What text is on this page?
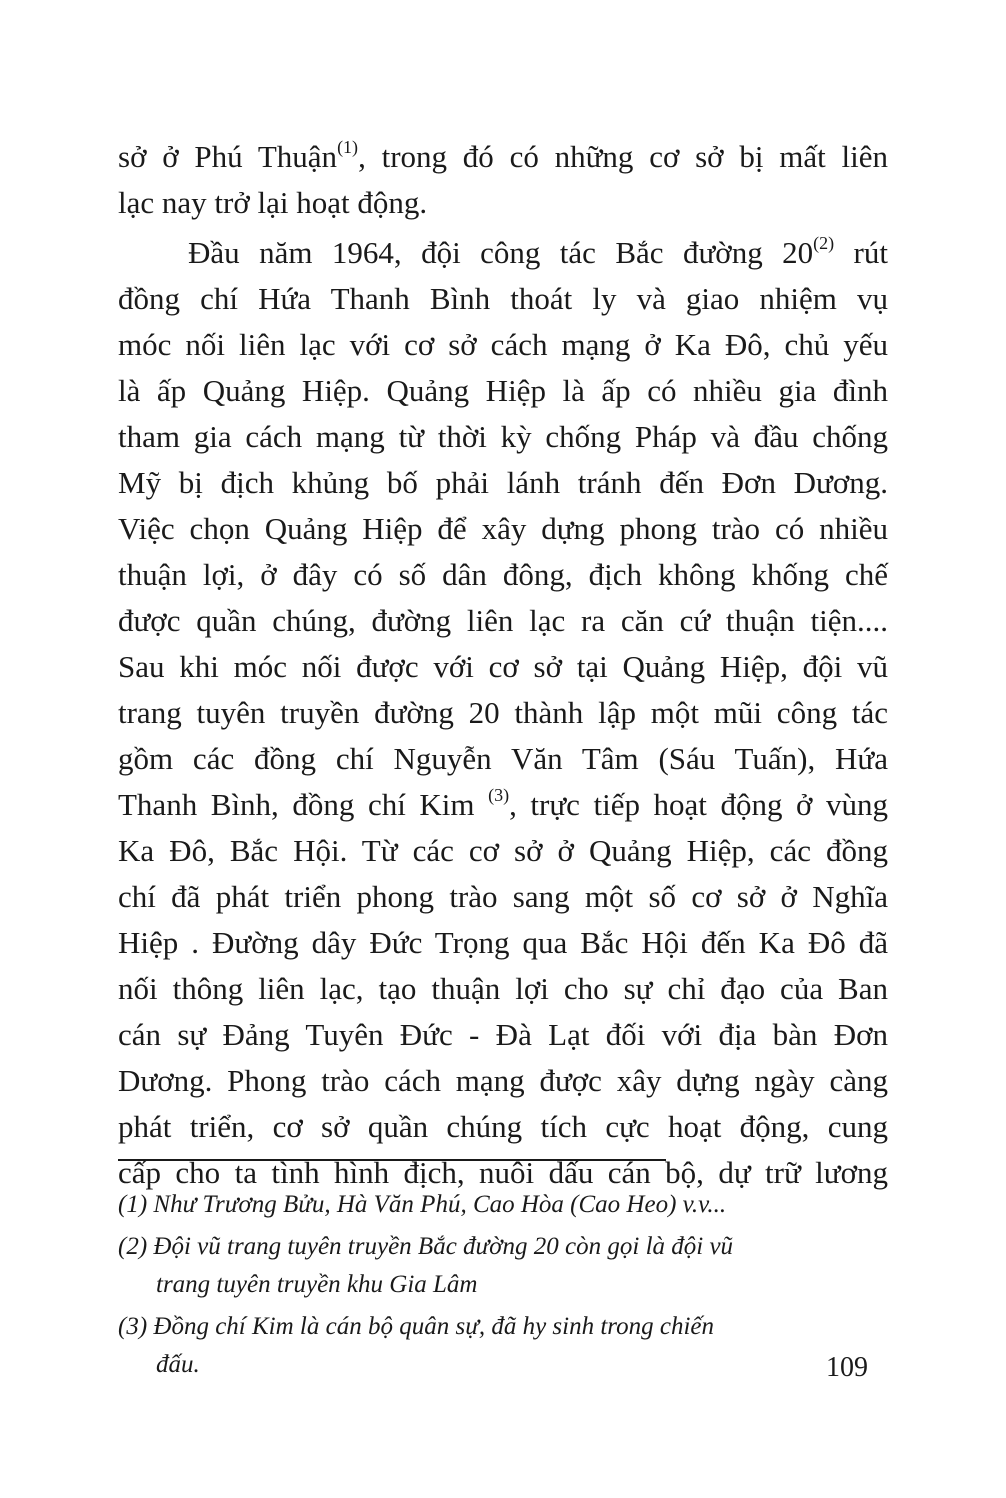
sở ở Phú Thuận$^{(1)}$, trong đó có những cơ sở bị mất liên
lạc nay trở lại hoạt động.
Đầu năm 1964, đội công tác Bắc đường 20$^{(2)}$ rút
đồng chí Hứa Thanh Bình thoát ly và giao nhiệm vụ
móc nối liên lạc với cơ sở cách mạng ở Ka Đô, chủ yếu
là ấp Quảng Hiệp. Quảng Hiệp là ấp có nhiều gia đình
tham gia cách mạng từ thời kỳ chống Pháp và đầu chống
Mỹ bị địch khủng bố phải lánh tránh đến Đơn Dương.
Việc chọn Quảng Hiệp để xây dựng phong trào có nhiều
thuận lợi, ở đây có số dân đông, địch không khống chế
được quần chúng, đường liên lạc ra căn cứ thuận tiện....
Sau khi móc nối được với cơ sở tại Quảng Hiệp, đội vũ
trang tuyên truyền đường 20 thành lập một mũi công tác
gồm các đồng chí Nguyễn Văn Tâm (Sáu Tuấn), Hứa
Thanh Bình, đồng chí Kim $^{(3)}$, trực tiếp hoạt động ở vùng
Ka Đô, Bắc Hội. Từ các cơ sở ở Quảng Hiệp, các đồng
chí đã phát triển phong trào sang một số cơ sở ở Nghĩa
Hiệp . Đường dây Đức Trọng qua Bắc Hội đến Ka Đô đã
nối thông liên lạc, tạo thuận lợi cho sự chỉ đạo của Ban
cán sự Đảng Tuyên Đức - Đà Lạt đối với địa bàn Đơn
Dương. Phong trào cách mạng được xây dựng ngày càng
phát triển, cơ sở quần chúng tích cực hoạt động, cung
cấp cho ta tình hình địch, nuôi dấu cán bộ, dự trữ lương

(1) Như Trương Bửu, Hà Văn Phú, Cao Hòa (Cao Heo) v.v...

(2) Đội vũ trang tuyên truyền Bắc đường 20 còn gọi là đội vũ
trang tuyên truyền khu Gia Lâm

(3) Đồng chí Kim là cán bộ quân sự, đã hy sinh trong chiến
đấu.	109
